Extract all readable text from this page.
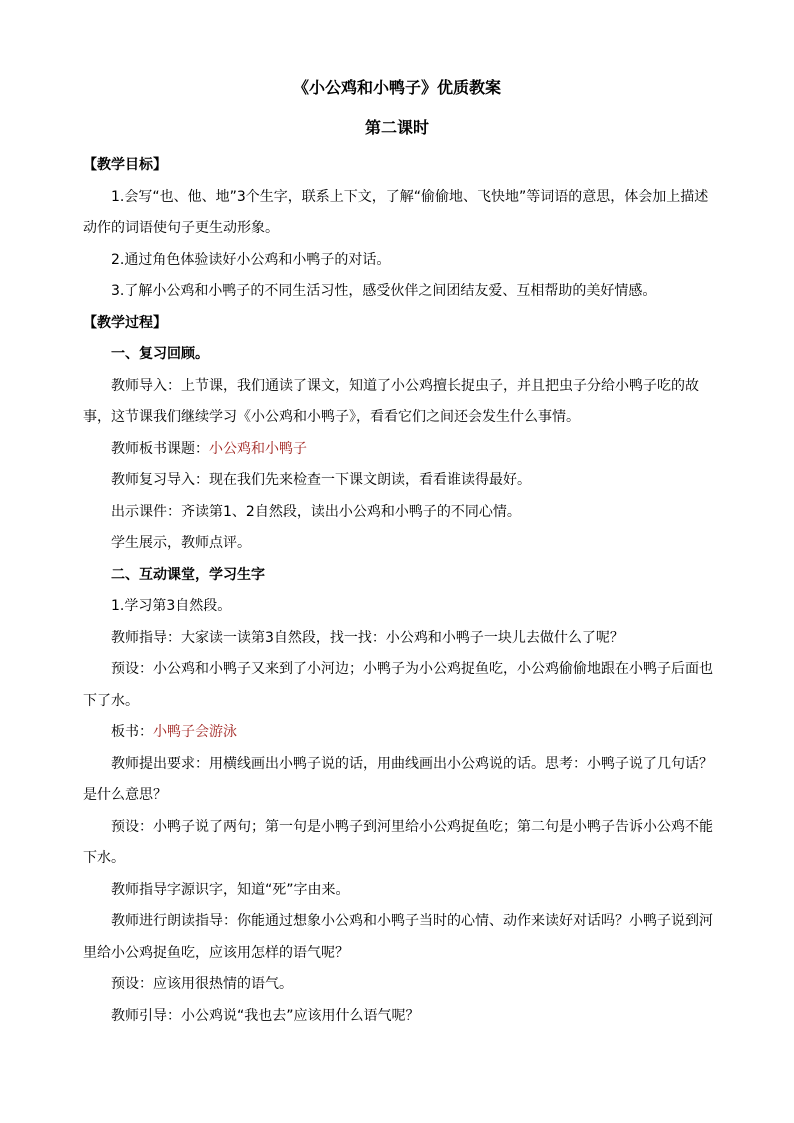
《小公鸡和小鸭子》优质教案
第二课时

【教学目标】

1.会写“也、他、地”3个生字，联系上下文，了解“偷偷地、飞快地”等词语的意思，体会加上描述动作的词语使句子更生动形象。

2.通过角色体验读好小公鸡和小鸭子的对话。

3.了解小公鸡和小鸭子的不同生活习性，感受伙伴之间团结友爱、互相帮助的美好情感。

【教学过程】

一、复习回顾。

教师导入：上节课，我们通读了课文，知道了小公鸡擅长捉虫子，并且把虫子分给小鸭子吃的故事，这节课我们继续学习《小公鸡和小鸭子》，看看它们之间还会发生什么事情。

教师板书课题：小公鸡和小鸭子

教师复习导入：现在我们先来检查一下课文朗读，看看谁读得最好。

出示课件：齐读第1、2自然段，读出小公鸡和小鸭子的不同心情。

学生展示，教师点评。

二、互动课堂，学习生字

1.学习第3自然段。

教师指导：大家读一读第3自然段，找一找：小公鸡和小鸭子一块儿去做什么了呢？

预设：小公鸡和小鸭子又来到了小河边；小鸭子为小公鸡捉鱼吃，小公鸡偷偷地跟在小鸭子后面也下了水。

板书：小鸭子会游泳

教师提出要求：用横线画出小鸭子说的话，用曲线画出小公鸡说的话。思考：小鸭子说了几句话？是什么意思？

预设：小鸭子说了两句；第一句是小鸭子到河里给小公鸡捉鱼吃；第二句是小鸭子告诉小公鸡不能下水。

教师指导字源识字，知道“死”字由来。

教师进行朗读指导：你能通过想象小公鸡和小鸭子当时的心情、动作来读好对话吗？小鸭子说到河里给小公鸡捉鱼吃，应该用怎样的语气呢？

预设：应该用很热情的语气。

教师引导：小公鸡说“我也去”应该用什么语气呢？
